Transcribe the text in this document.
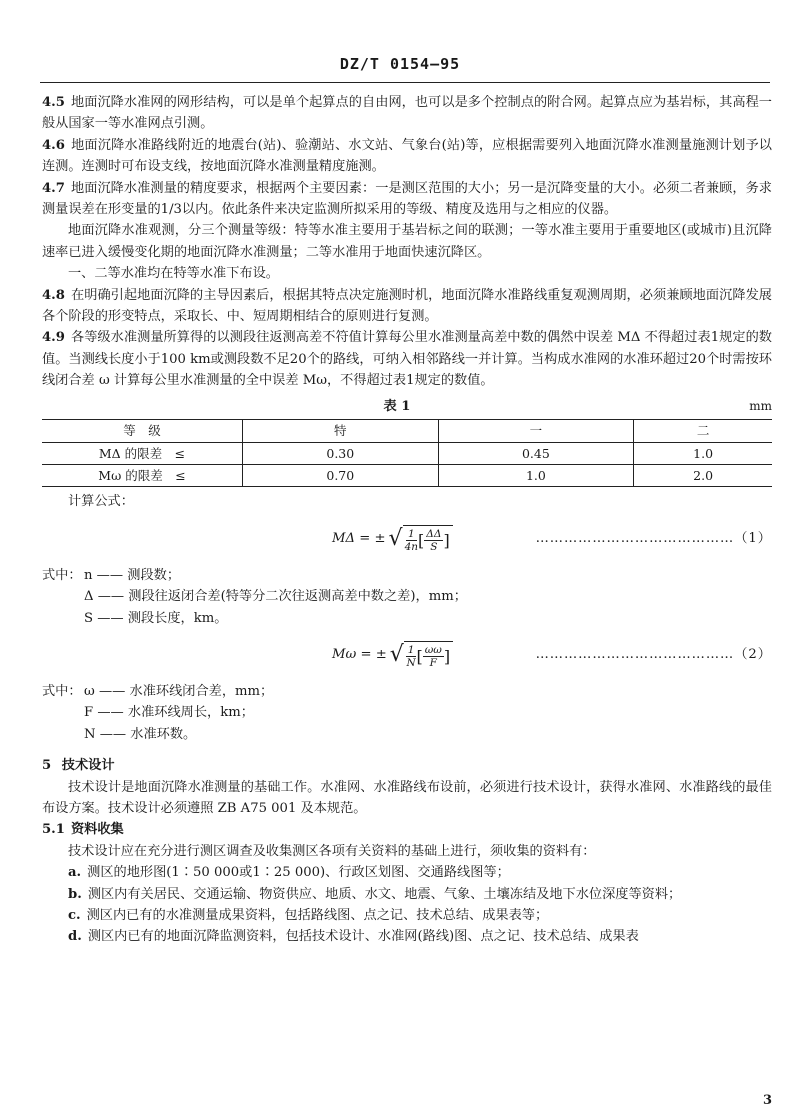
DZ/T 0154—95

4.5 地面沉降水准网的网形结构，可以是单个起算点的自由网，也可以是多个控制点的附合网。起算点应为基岩标，其高程一般从国家一等水准网点引测。

4.6 地面沉降水准路线附近的地震台(站)、验潮站、水文站、气象台(站)等，应根据需要列入地面沉降水准测量施测计划予以连测。连测时可布设支线，按地面沉降水准测量精度施测。

4.7 地面沉降水准测量的精度要求，根据两个主要因素：一是测区范围的大小；另一是沉降变量的大小。必须二者兼顾，务求测量误差在形变量的1/3以内。依此条件来决定监测所拟采用的等级、精度及选用与之相应的仪器。

地面沉降水准观测，分三个测量等级：特等水准主要用于基岩标之间的联测；一等水准主要用于重要地区(或城市)且沉降速率已进入缓慢变化期的地面沉降水准测量；二等水准用于地面快速沉降区。

一、二等水准均在特等水准下布设。

4.8 在明确引起地面沉降的主导因素后，根据其特点决定施测时机，地面沉降水准路线重复观测周期，必须兼顾地面沉降发展各个阶段的形变特点，采取长、中、短周期相结合的原则进行复测。

4.9 各等级水准测量所算得的以测段往返测高差不符值计算每公里水准测量高差中数的偶然中误差 MΔ 不得超过表1规定的数值。当测线长度小于100 km或测段数不足20个的路线，可纳入相邻路线一并计算。当构成水准网的水准环超过20个时需按环线闭合差 ω 计算每公里水准测量的全中误差 Mω，不得超过表1规定的数值。

表 1	mm
等　级	特	一	二
MΔ 的限差　≤	0.30	0.45	1.0
Mω 的限差　≤	0.70	1.0	2.0

计算公式：

MΔ
= ± √ $\frac{1}{4n}$ [ $\frac{\Delta\Delta}{S}$ ]	……………………………………（1）
式中： n —— 测段数；
Δ —— 测段往返闭合差(特等分二次往返测高差中数之差)，mm；
S —— 测段长度，km。
Mω
= ± √ $\frac{1}{N}$ [ $\frac{\omega\omega}{F}$ ]	……………………………………（2）
式中： ω —— 水准环线闭合差，mm；
F —— 水准环线周长，km；
N —— 水准环数。

5 技术设计

技术设计是地面沉降水准测量的基础工作。水准网、水准路线布设前，必须进行技术设计，获得水准网、水准路线的最佳布设方案。技术设计必须遵照 ZB A75 001 及本规范。

5.1 资料收集

技术设计应在充分进行测区调查及收集测区各项有关资料的基础上进行，须收集的资料有：

a. 测区的地形图(1∶50 000或1∶25 000)、行政区划图、交通路线图等；

b. 测区内有关居民、交通运输、物资供应、地质、水文、地震、气象、土壤冻结及地下水位深度等资料；

c. 测区内已有的水准测量成果资料，包括路线图、点之记、技术总结、成果表等；

d. 测区内已有的地面沉降监测资料，包括技术设计、水准网(路线)图、点之记、技术总结、成果表

3
